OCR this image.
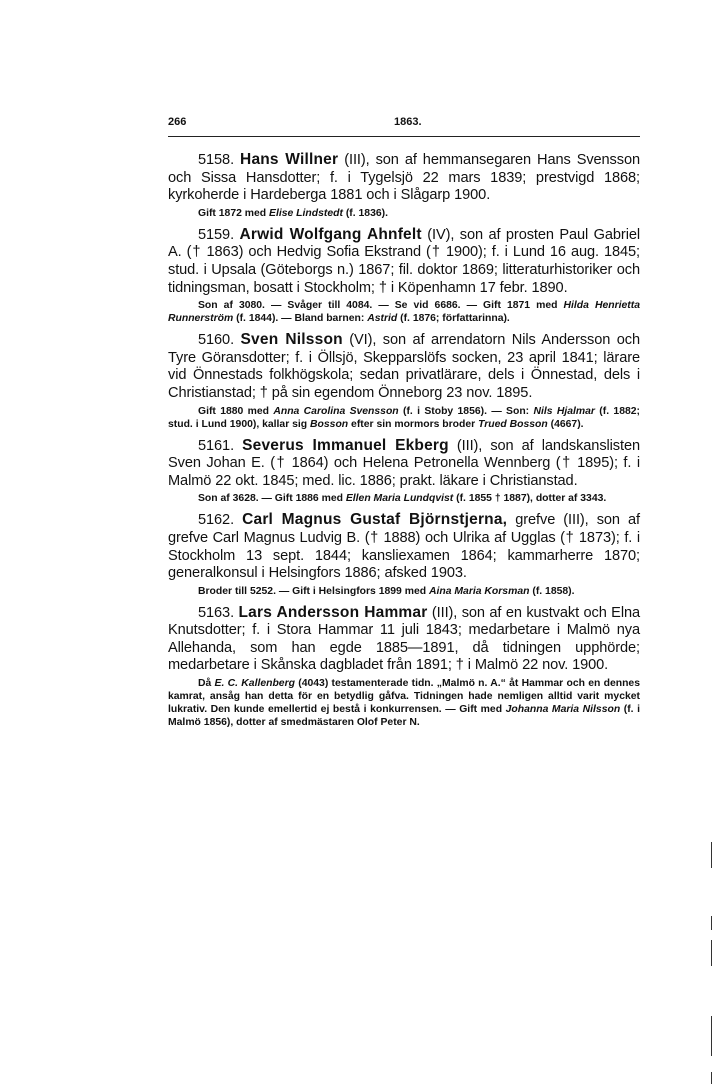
266	1863.

5158. Hans Willner (III), son af hemmansegaren Hans Svensson och Sissa Hansdotter; f. i Tygelsjö 22 mars 1839; prestvigd 1868; kyrkoherde i Hardeberga 1881 och i Slågarp 1900.

Gift 1872 med Elise Lindstedt (f. 1836).

5159. Arwid Wolfgang Ahnfelt (IV), son af prosten Paul Gabriel A. († 1863) och Hedvig Sofia Ekstrand († 1900); f. i Lund 16 aug. 1845; stud. i Upsala (Göteborgs n.) 1867; fil. doktor 1869; litteraturhistoriker och tidningsman, bosatt i Stockholm; † i Köpenhamn 17 febr. 1890.

Son af 3080. — Svåger till 4084. — Se vid 6686. — Gift 1871 med Hilda Henrietta Runnerström (f. 1844). — Bland barnen: Astrid (f. 1876; författarinna).

5160. Sven Nilsson (VI), son af arrendatorn Nils Andersson och Tyre Göransdotter; f. i Öllsjö, Skepparslöfs socken, 23 april 1841; lärare vid Önnestads folkhögskola; sedan privatlärare, dels i Önnestad, dels i Christianstad; † på sin egendom Önneborg 23 nov. 1895.

Gift 1880 med Anna Carolina Svensson (f. i Stoby 1856). — Son: Nils Hjalmar (f. 1882; stud. i Lund 1900), kallar sig Bosson efter sin mormors broder Trued Bosson (4667).

5161. Severus Immanuel Ekberg (III), son af landskanslisten Sven Johan E. († 1864) och Helena Petronella Wennberg († 1895); f. i Malmö 22 okt. 1845; med. lic. 1886; prakt. läkare i Christianstad.

Son af 3628. — Gift 1886 med Ellen Maria Lundqvist (f. 1855 † 1887), dotter af 3343.

5162. Carl Magnus Gustaf Björnstjerna, grefve (III), son af grefve Carl Magnus Ludvig B. († 1888) och Ulrika af Ugglas († 1873); f. i Stockholm 13 sept. 1844; kansliexamen 1864; kammarherre 1870; generalkonsul i Helsingfors 1886; afsked 1903.

Broder till 5252. — Gift i Helsingfors 1899 med Aina Maria Korsman (f. 1858).

5163. Lars Andersson Hammar (III), son af en kustvakt och Elna Knutsdotter; f. i Stora Hammar 11 juli 1843; medarbetare i Malmö nya Allehanda, som han egde 1885—1891, då tidningen upphörde; medarbetare i Skånska dagbladet från 1891; † i Malmö 22 nov. 1900.

Då E. C. Kallenberg (4043) testamenterade tidn. „Malmö n. A.“ åt Hammar och en dennes kamrat, ansåg han detta för en betydlig gåfva. Tidningen hade nemligen alltid varit mycket lukrativ. Den kunde emellertid ej bestå i konkurrensen. — Gift med Johanna Maria Nilsson (f. i Malmö 1856), dotter af smedmästaren Olof Peter N.
